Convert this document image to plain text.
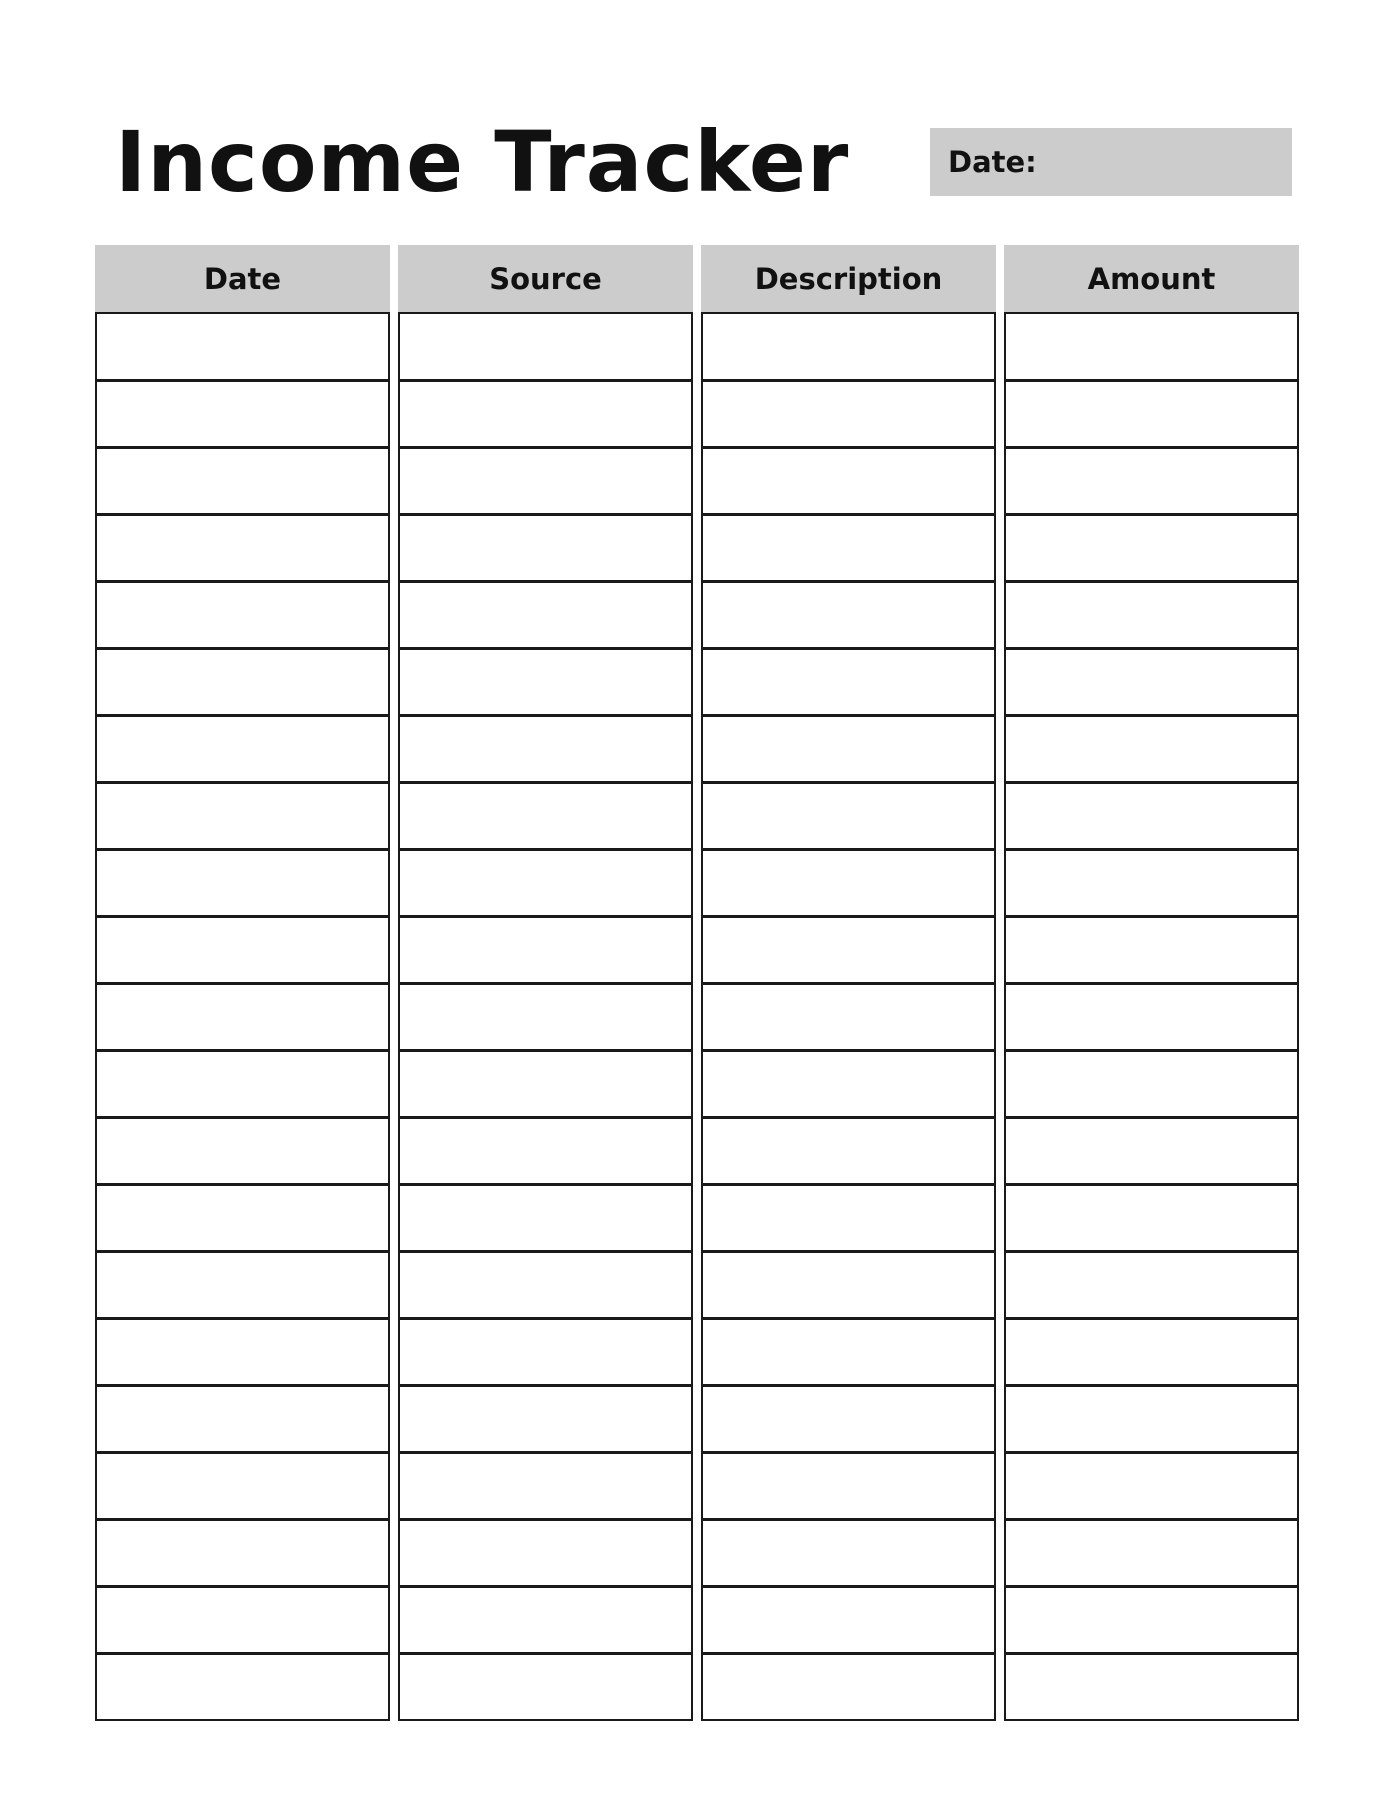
Income Tracker	Date:
Date	Source	Description	Amount
